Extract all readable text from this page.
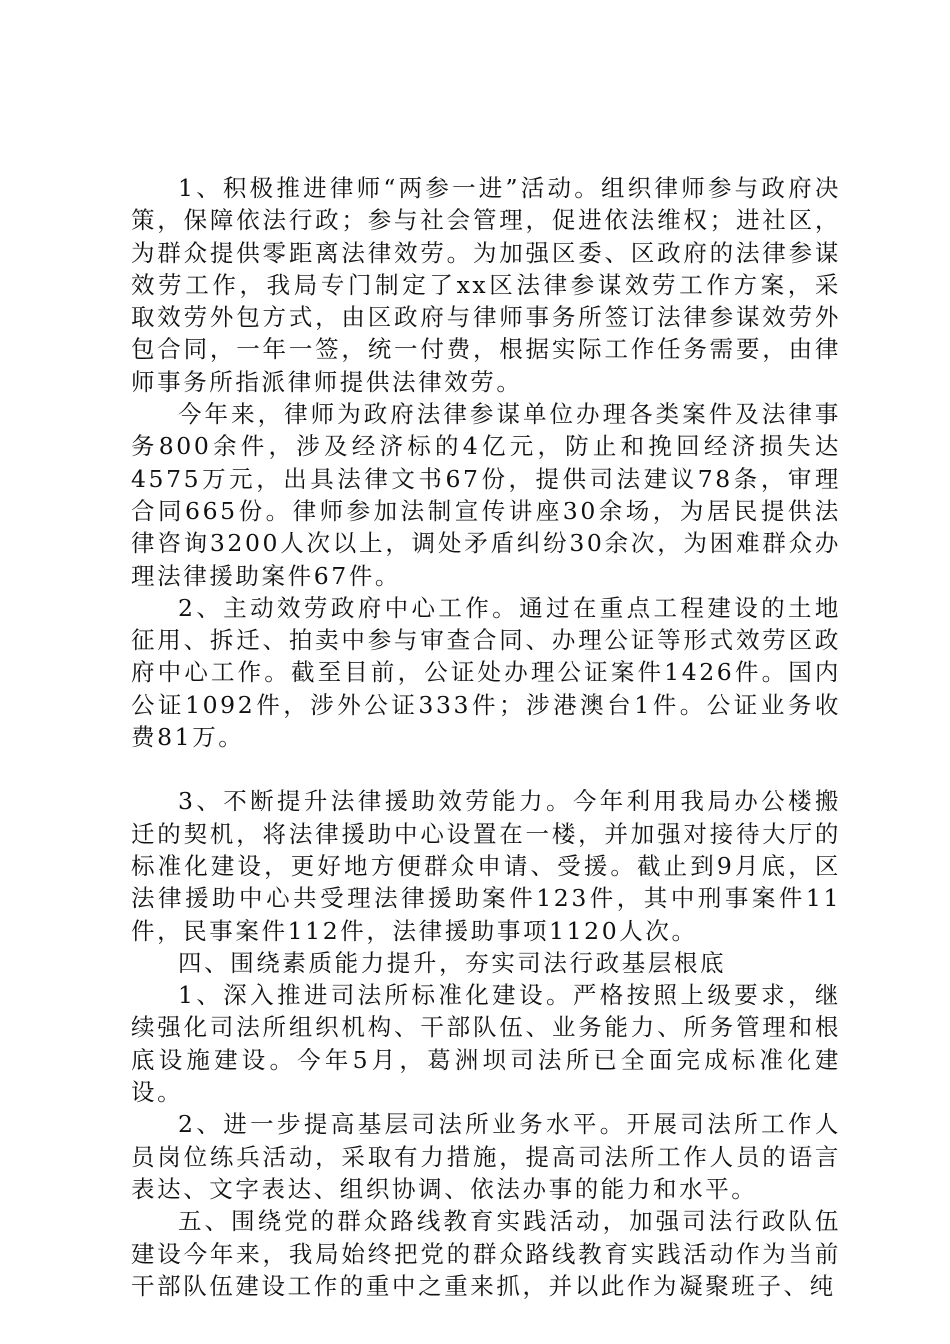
1、积极推进律师“两参一进”活动。组织律师参与政府决策，保障依法行政；参与社会管理，促进依法维权；进社区，为群众提供零距离法律效劳。为加强区委、区政府的法律参谋效劳工作，我局专门制定了xx区法律参谋效劳工作方案，采取效劳外包方式，由区政府与律师事务所签订法律参谋效劳外包合同，一年一签，统一付费，根据实际工作任务需要，由律师事务所指派律师提供法律效劳。

今年来，律师为政府法律参谋单位办理各类案件及法律事务800余件，涉及经济标的4亿元，防止和挽回经济损失达4575万元，出具法律文书67份，提供司法建议78条，审理合同665份。律师参加法制宣传讲座30余场，为居民提供法律咨询3200人次以上，调处矛盾纠纷30余次，为困难群众办理法律援助案件67件。

2、主动效劳政府中心工作。通过在重点工程建设的土地征用、拆迁、拍卖中参与审查合同、办理公证等形式效劳区政府中心工作。截至目前，公证处办理公证案件1426件。国内公证1092件，涉外公证333件；涉港澳台1件。公证业务收费81万。

3、不断提升法律援助效劳能力。今年利用我局办公楼搬迁的契机，将法律援助中心设置在一楼，并加强对接待大厅的标准化建设，更好地方便群众申请、受援。截止到9月底，区法律援助中心共受理法律援助案件123件，其中刑事案件11件，民事案件112件，法律援助事项1120人次。

四、围绕素质能力提升，夯实司法行政基层根底

1、深入推进司法所标准化建设。严格按照上级要求，继续强化司法所组织机构、干部队伍、业务能力、所务管理和根底设施建设。今年5月，葛洲坝司法所已全面完成标准化建设。

2、进一步提高基层司法所业务水平。开展司法所工作人员岗位练兵活动，采取有力措施，提高司法所工作人员的语言表达、文字表达、组织协调、依法办事的能力和水平。

五、围绕党的群众路线教育实践活动，加强司法行政队伍建设今年来，我局始终把党的群众路线教育实践活动作为当前干部队伍建设工作的重中之重来抓，并以此作为凝聚班子、纯
